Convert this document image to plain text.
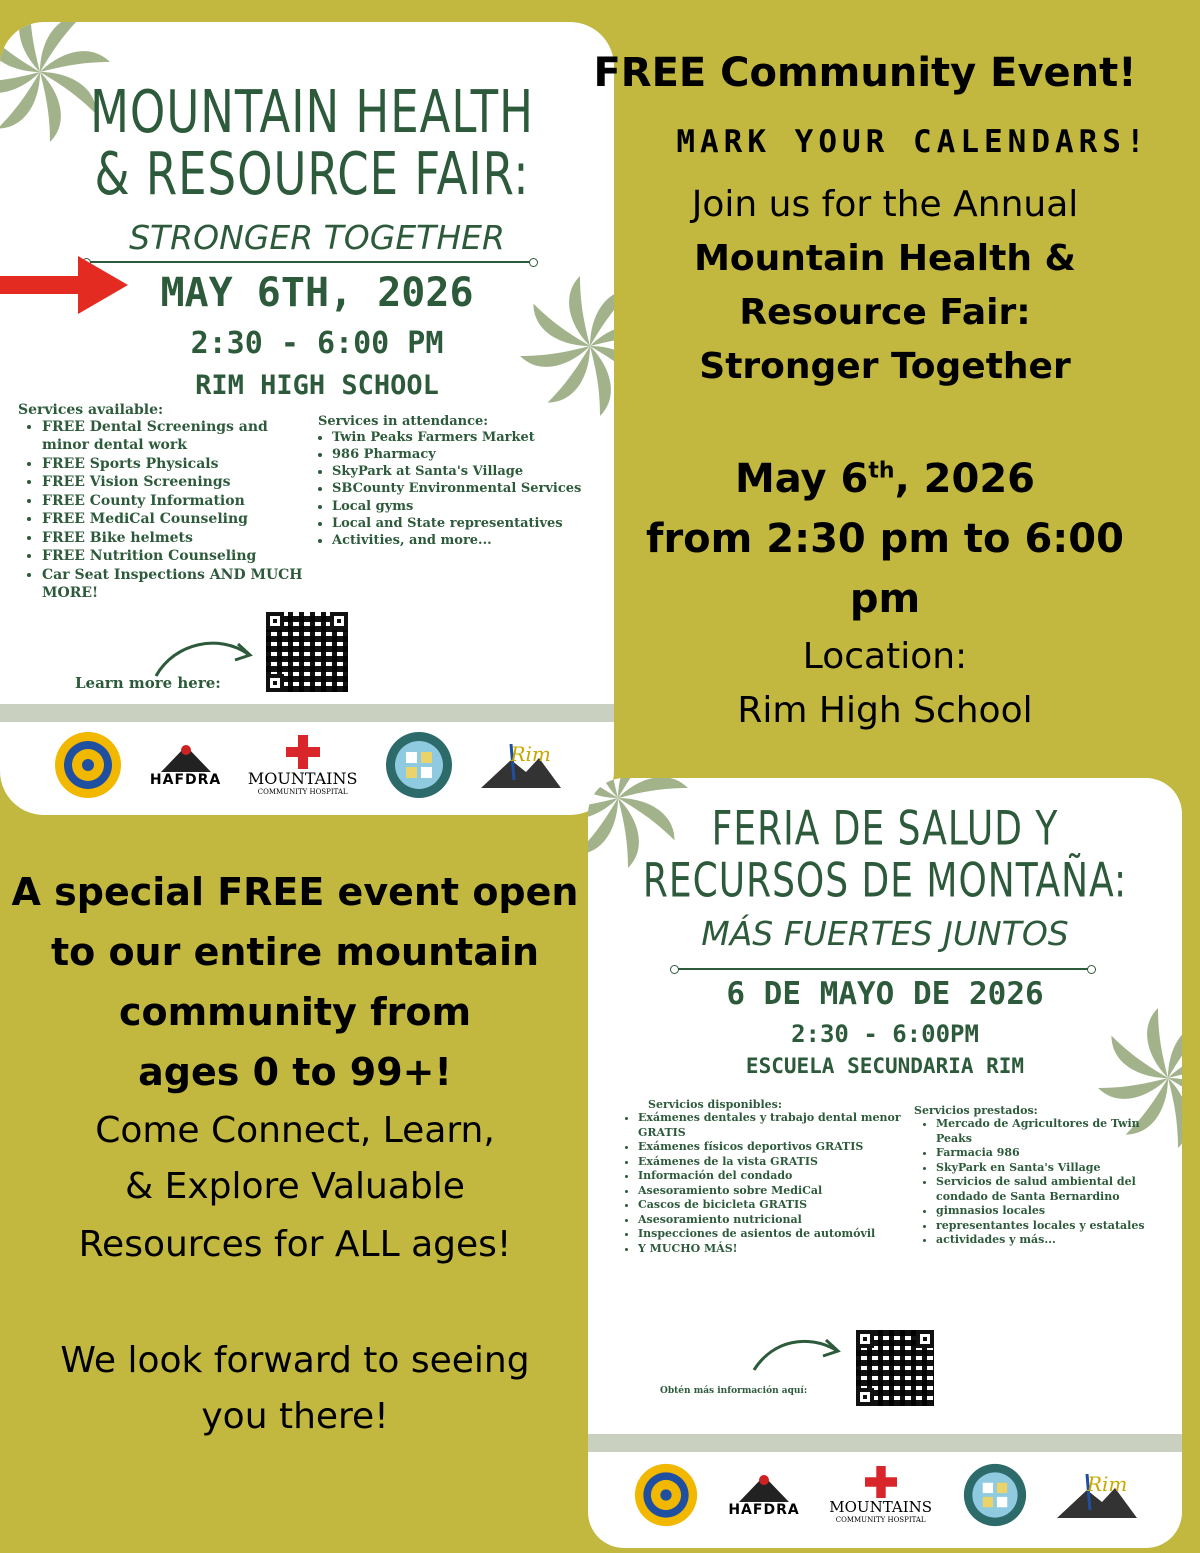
MOUNTAIN HEALTH
& RESOURCE FAIR:
STRONGER TOGETHER
MAY 6TH, 2026
2:30 - 6:00 PM
RIM HIGH SCHOOL
Services available:
• FREE Dental Screenings and minor dental work
• FREE Sports Physicals
• FREE Vision Screenings
• FREE County Information
• FREE MediCal Counseling
• FREE Bike helmets
• FREE Nutrition Counseling
• Car Seat Inspections AND MUCH MORE!
Services in attendance:
• Twin Peaks Farmers Market
• 986 Pharmacy
• SkyPark at Santa's Village
• SBCounty Environmental Services
• Local gyms
• Local and State representatives
• Activities, and more...
Learn more here:
HAFDRA MOUNTAINS
COMMUNITY HOSPITAL
Rim
FREE Community Event!
MARK YOUR CALENDARS!
Join us for the Annual
Mountain Health &
Resource Fair:
Stronger Together
May 6th, 2026
from 2:30 pm to 6:00
pm
Location:
Rim High School
A special FREE event open
to our entire mountain
community from
ages 0 to 99+!
Come Connect, Learn,
& Explore Valuable
Resources for ALL ages!
We look forward to seeing
you there!
FERIA DE SALUD Y
RECURSOS DE MONTAÑA:
MÁS FUERTES JUNTOS
6 DE MAYO DE 2026
2:30 - 6:00PM
ESCUELA SECUNDARIA RIM
Servicios disponibles:
• Exámenes dentales y trabajo dental menor GRATIS
• Exámenes físicos deportivos GRATIS
• Exámenes de la vista GRATIS
• Información del condado
• Asesoramiento sobre MediCal
• Cascos de bicicleta GRATIS
• Asesoramiento nutricional
• Inspecciones de asientos de automóvil
• Y MUCHO MÁS!
Servicios prestados:
• Mercado de Agricultores de Twin Peaks
• Farmacia 986
• SkyPark en Santa's Village
• Servicios de salud ambiental del condado de Santa Bernardino
• gimnasios locales
• representantes locales y estatales
• actividades y más...
Obtén más información aquí:
HAFDRA MOUNTAINS
COMMUNITY HOSPITAL
Rim
